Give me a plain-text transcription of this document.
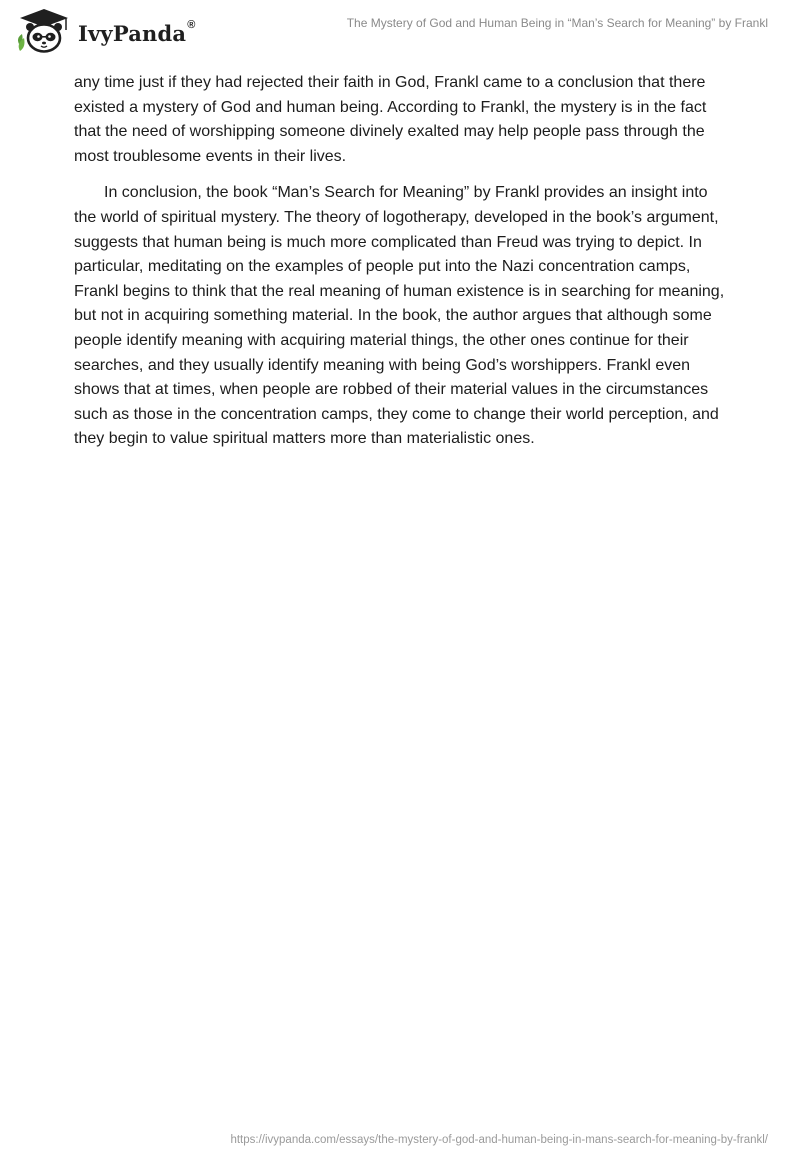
IvyPanda®	The Mystery of God and Human Being in “Man’s Search for Meaning” by Frankl

any time just if they had rejected their faith in God, Frankl came to a conclusion that there existed a mystery of God and human being. According to Frankl, the mystery is in the fact that the need of worshipping someone divinely exalted may help people pass through the most troublesome events in their lives.

In conclusion, the book “Man’s Search for Meaning” by Frankl provides an insight into the world of spiritual mystery. The theory of logotherapy, developed in the book’s argument, suggests that human being is much more complicated than Freud was trying to depict. In particular, meditating on the examples of people put into the Nazi concentration camps, Frankl begins to think that the real meaning of human existence is in searching for meaning, but not in acquiring something material. In the book, the author argues that although some people identify meaning with acquiring material things, the other ones continue for their searches, and they usually identify meaning with being God’s worshippers. Frankl even shows that at times, when people are robbed of their material values in the circumstances such as those in the concentration camps, they come to change their world perception, and they begin to value spiritual matters more than materialistic ones.

https://ivypanda.com/essays/the-mystery-of-god-and-human-being-in-mans-search-for-meaning-by-frankl/
